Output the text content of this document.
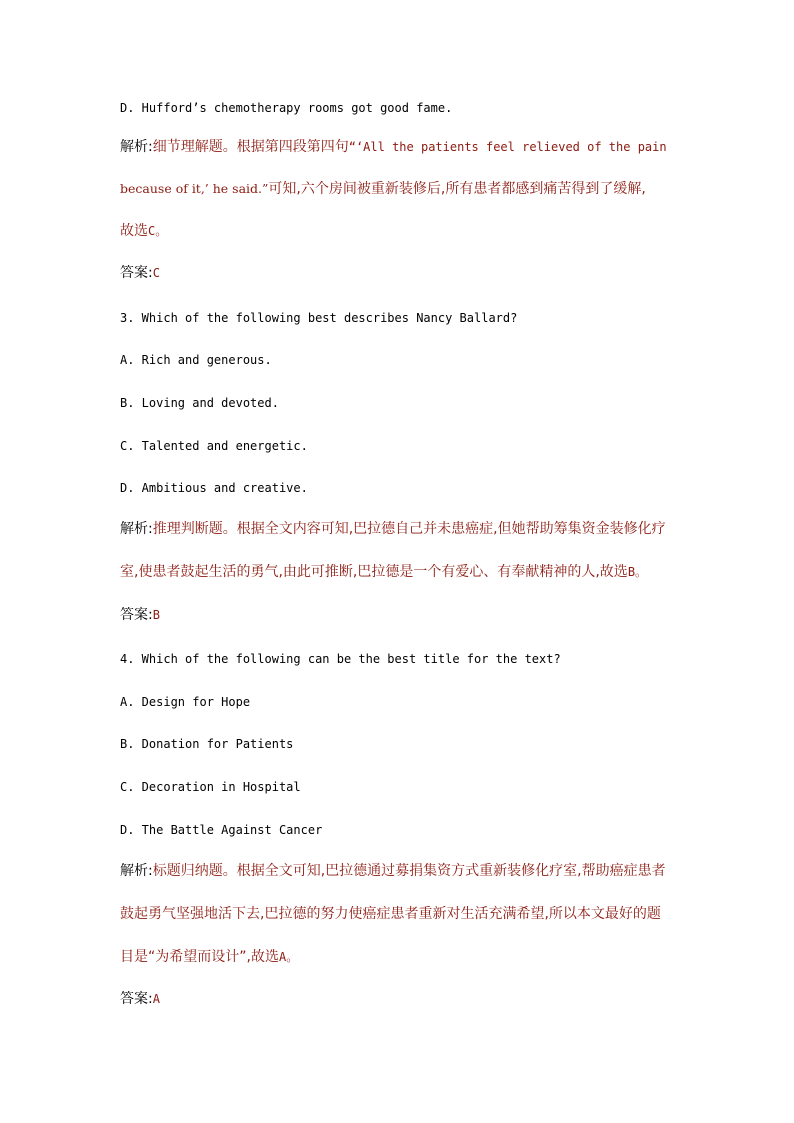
D. Hufford’s chemotherapy rooms got good fame.
解析:细节理解题。根据第四段第四句“‘All the patients feel relieved of the pain
because of it,’ he said.”可知,六个房间被重新装修后,所有患者都感到痛苦得到了缓解,
故选C。
答案:C
3. Which of the following best describes Nancy Ballard?
A. Rich and generous.
B. Loving and devoted.
C. Talented and energetic.
D. Ambitious and creative.
解析:推理判断题。根据全文内容可知,巴拉德自己并未患癌症,但她帮助筹集资金装修化疗
室,使患者鼓起生活的勇气,由此可推断,巴拉德是一个有爱心、有奉献精神的人,故选B。
答案:B
4. Which of the following can be the best title for the text?
A. Design for Hope
B. Donation for Patients
C. Decoration in Hospital
D. The Battle Against Cancer
解析:标题归纳题。根据全文可知,巴拉德通过募捐集资方式重新装修化疗室,帮助癌症患者
鼓起勇气坚强地活下去,巴拉德的努力使癌症患者重新对生活充满希望,所以本文最好的题
目是“为希望而设计”,故选A。
答案:A
